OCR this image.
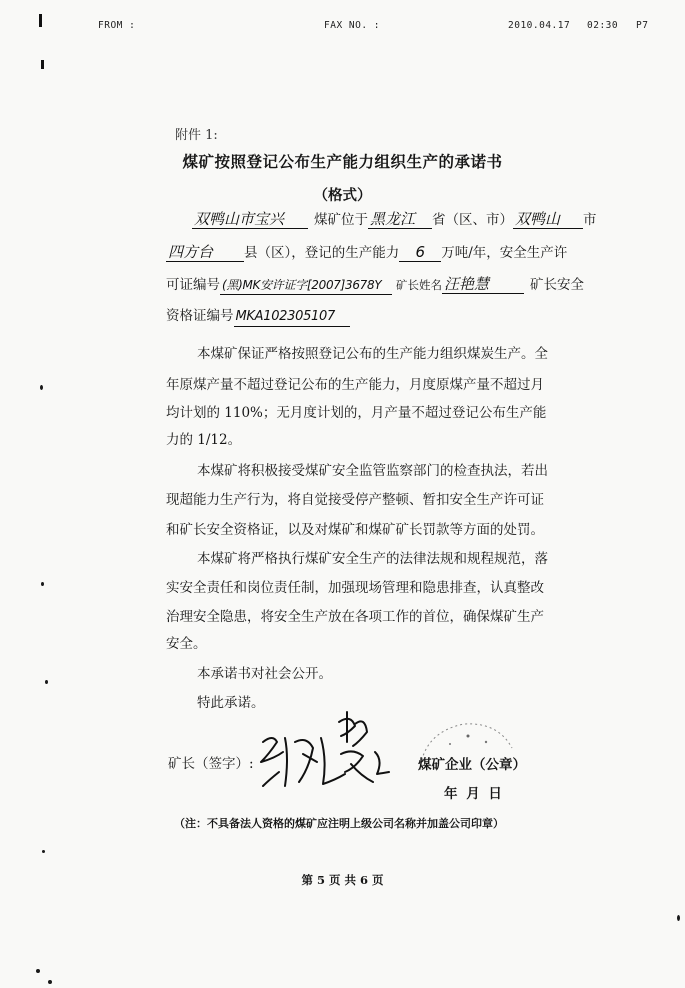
FROM :	FAX NO. :	2010.04.17 02:30 P7
附件 1:
煤矿按照登记公布生产能力组织生产的承诺书
（格式）
双鸭山市宝兴 煤矿位于 黑龙江 省（区、市） 双鸭山 市
四方台 县（区），登记的生产能力 6 万吨/年，安全生产许
可证编号 (黑)MK安许证字[2007]3678Y 矿长姓名 汪艳慧	矿长安全
资格证编号 MKA102305107
本煤矿保证严格按照登记公布的生产能力组织煤炭生产。全
年原煤产量不超过登记公布的生产能力，月度原煤产量不超过月
均计划的 110%；无月度计划的，月产量不超过登记公布生产能
力的 1/12。
本煤矿将积极接受煤矿安全监管监察部门的检查执法，若出
现超能力生产行为，将自觉接受停产整顿、暂扣安全生产许可证
和矿长安全资格证，以及对煤矿和煤矿矿长罚款等方面的处罚。
本煤矿将严格执行煤矿安全生产的法律法规和规程规范，落
实安全责任和岗位责任制，加强现场管理和隐患排查，认真整改
治理安全隐患，将安全生产放在各项工作的首位，确保煤矿生产
安全。
本承诺书对社会公开。
特此承诺。
矿长（签字）:	煤矿企业（公章）
年 月 日
（注：不具备法人资格的煤矿应注明上级公司名称并加盖公司印章）
第 5 页 共 6 页
